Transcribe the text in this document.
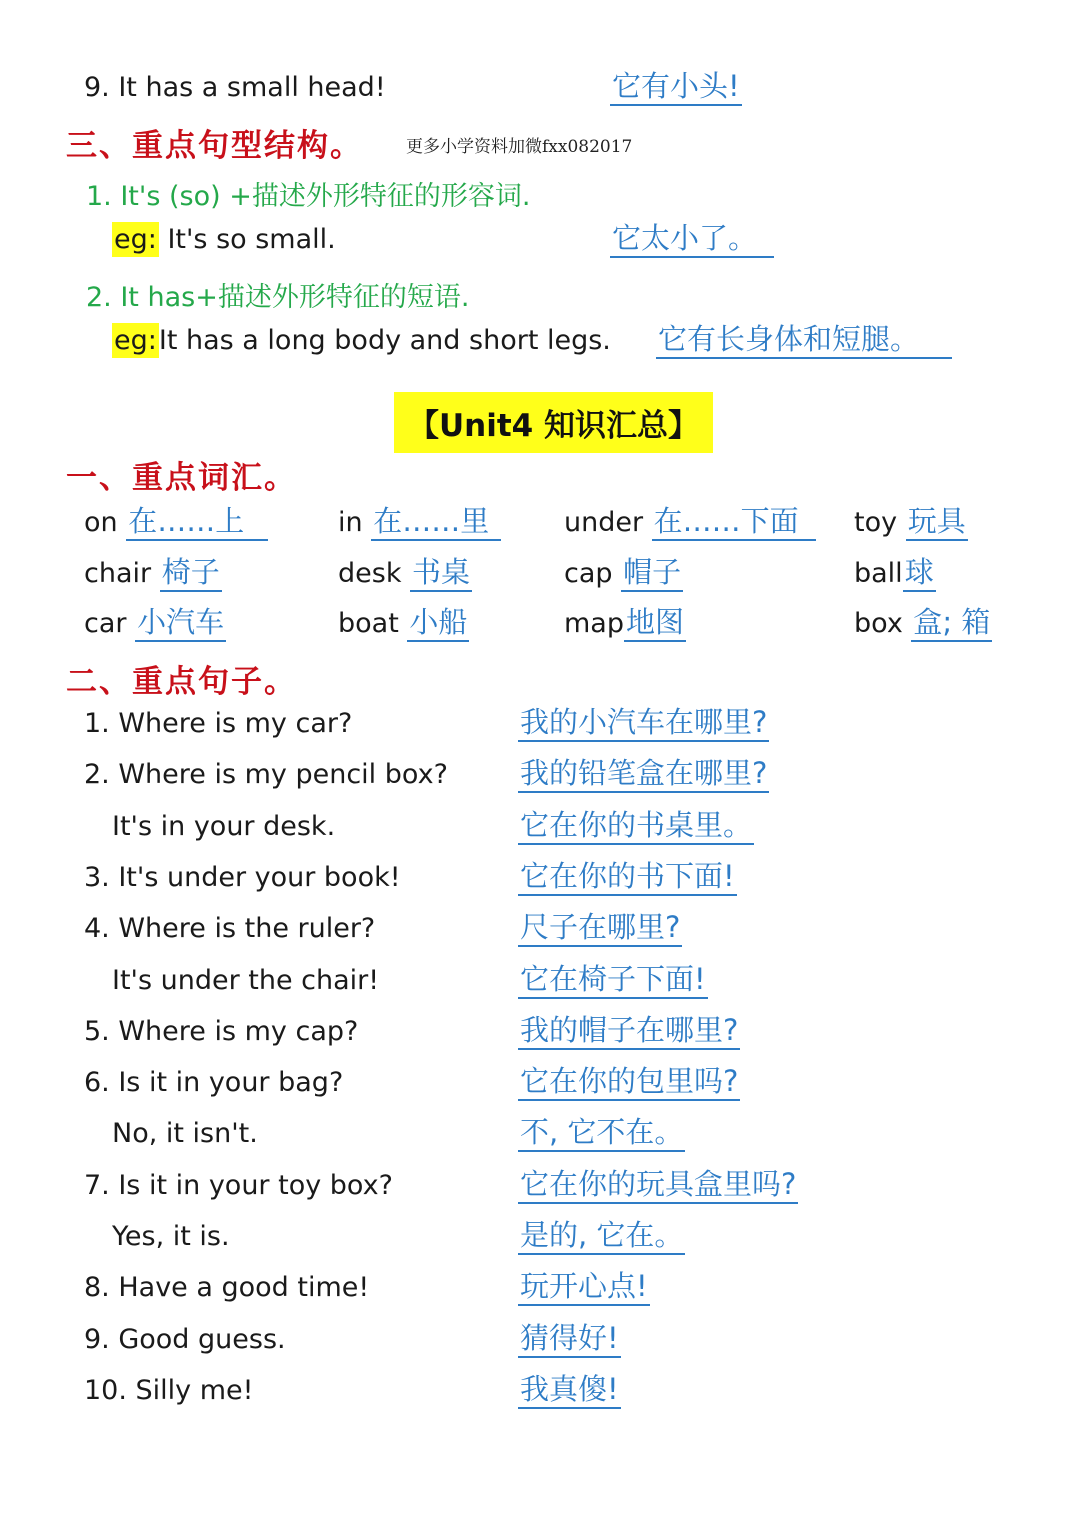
9. It has a small head!	它有小头!
三、重点句型结构。	更多小学资料加微fxx082017
1. It's (so) +描述外形特征的形容词.
eg: It's so small.	它太小了。
2. It has+描述外形特征的短语.
eg:It has a long body and short legs. 它有长身体和短腿。
【Unit4 知识汇总】
一、重点词汇。
on 在……上	in 在……里	under 在……下面	toy 玩具
chair 椅子	desk 书桌	cap 帽子	ball球
car 小汽车	boat 小船	map地图	box 盒; 箱
二、重点句子。
1. Where is my car?	我的小汽车在哪里?
2. Where is my pencil box? 我的铅笔盒在哪里?
It's in your desk.	它在你的书桌里。
3. It's under your book!	它在你的书下面!
4. Where is the ruler?	尺子在哪里?
It's under the chair!	它在椅子下面!
5. Where is my cap?	我的帽子在哪里?
6. Is it in your bag?	它在你的包里吗?
No, it isn't.	不, 它不在。
7. Is it in your toy box?	它在你的玩具盒里吗?
Yes, it is.	是的, 它在。
8. Have a good time!	玩开心点!
9. Good guess.	猜得好!
10. Silly me!	我真傻!
